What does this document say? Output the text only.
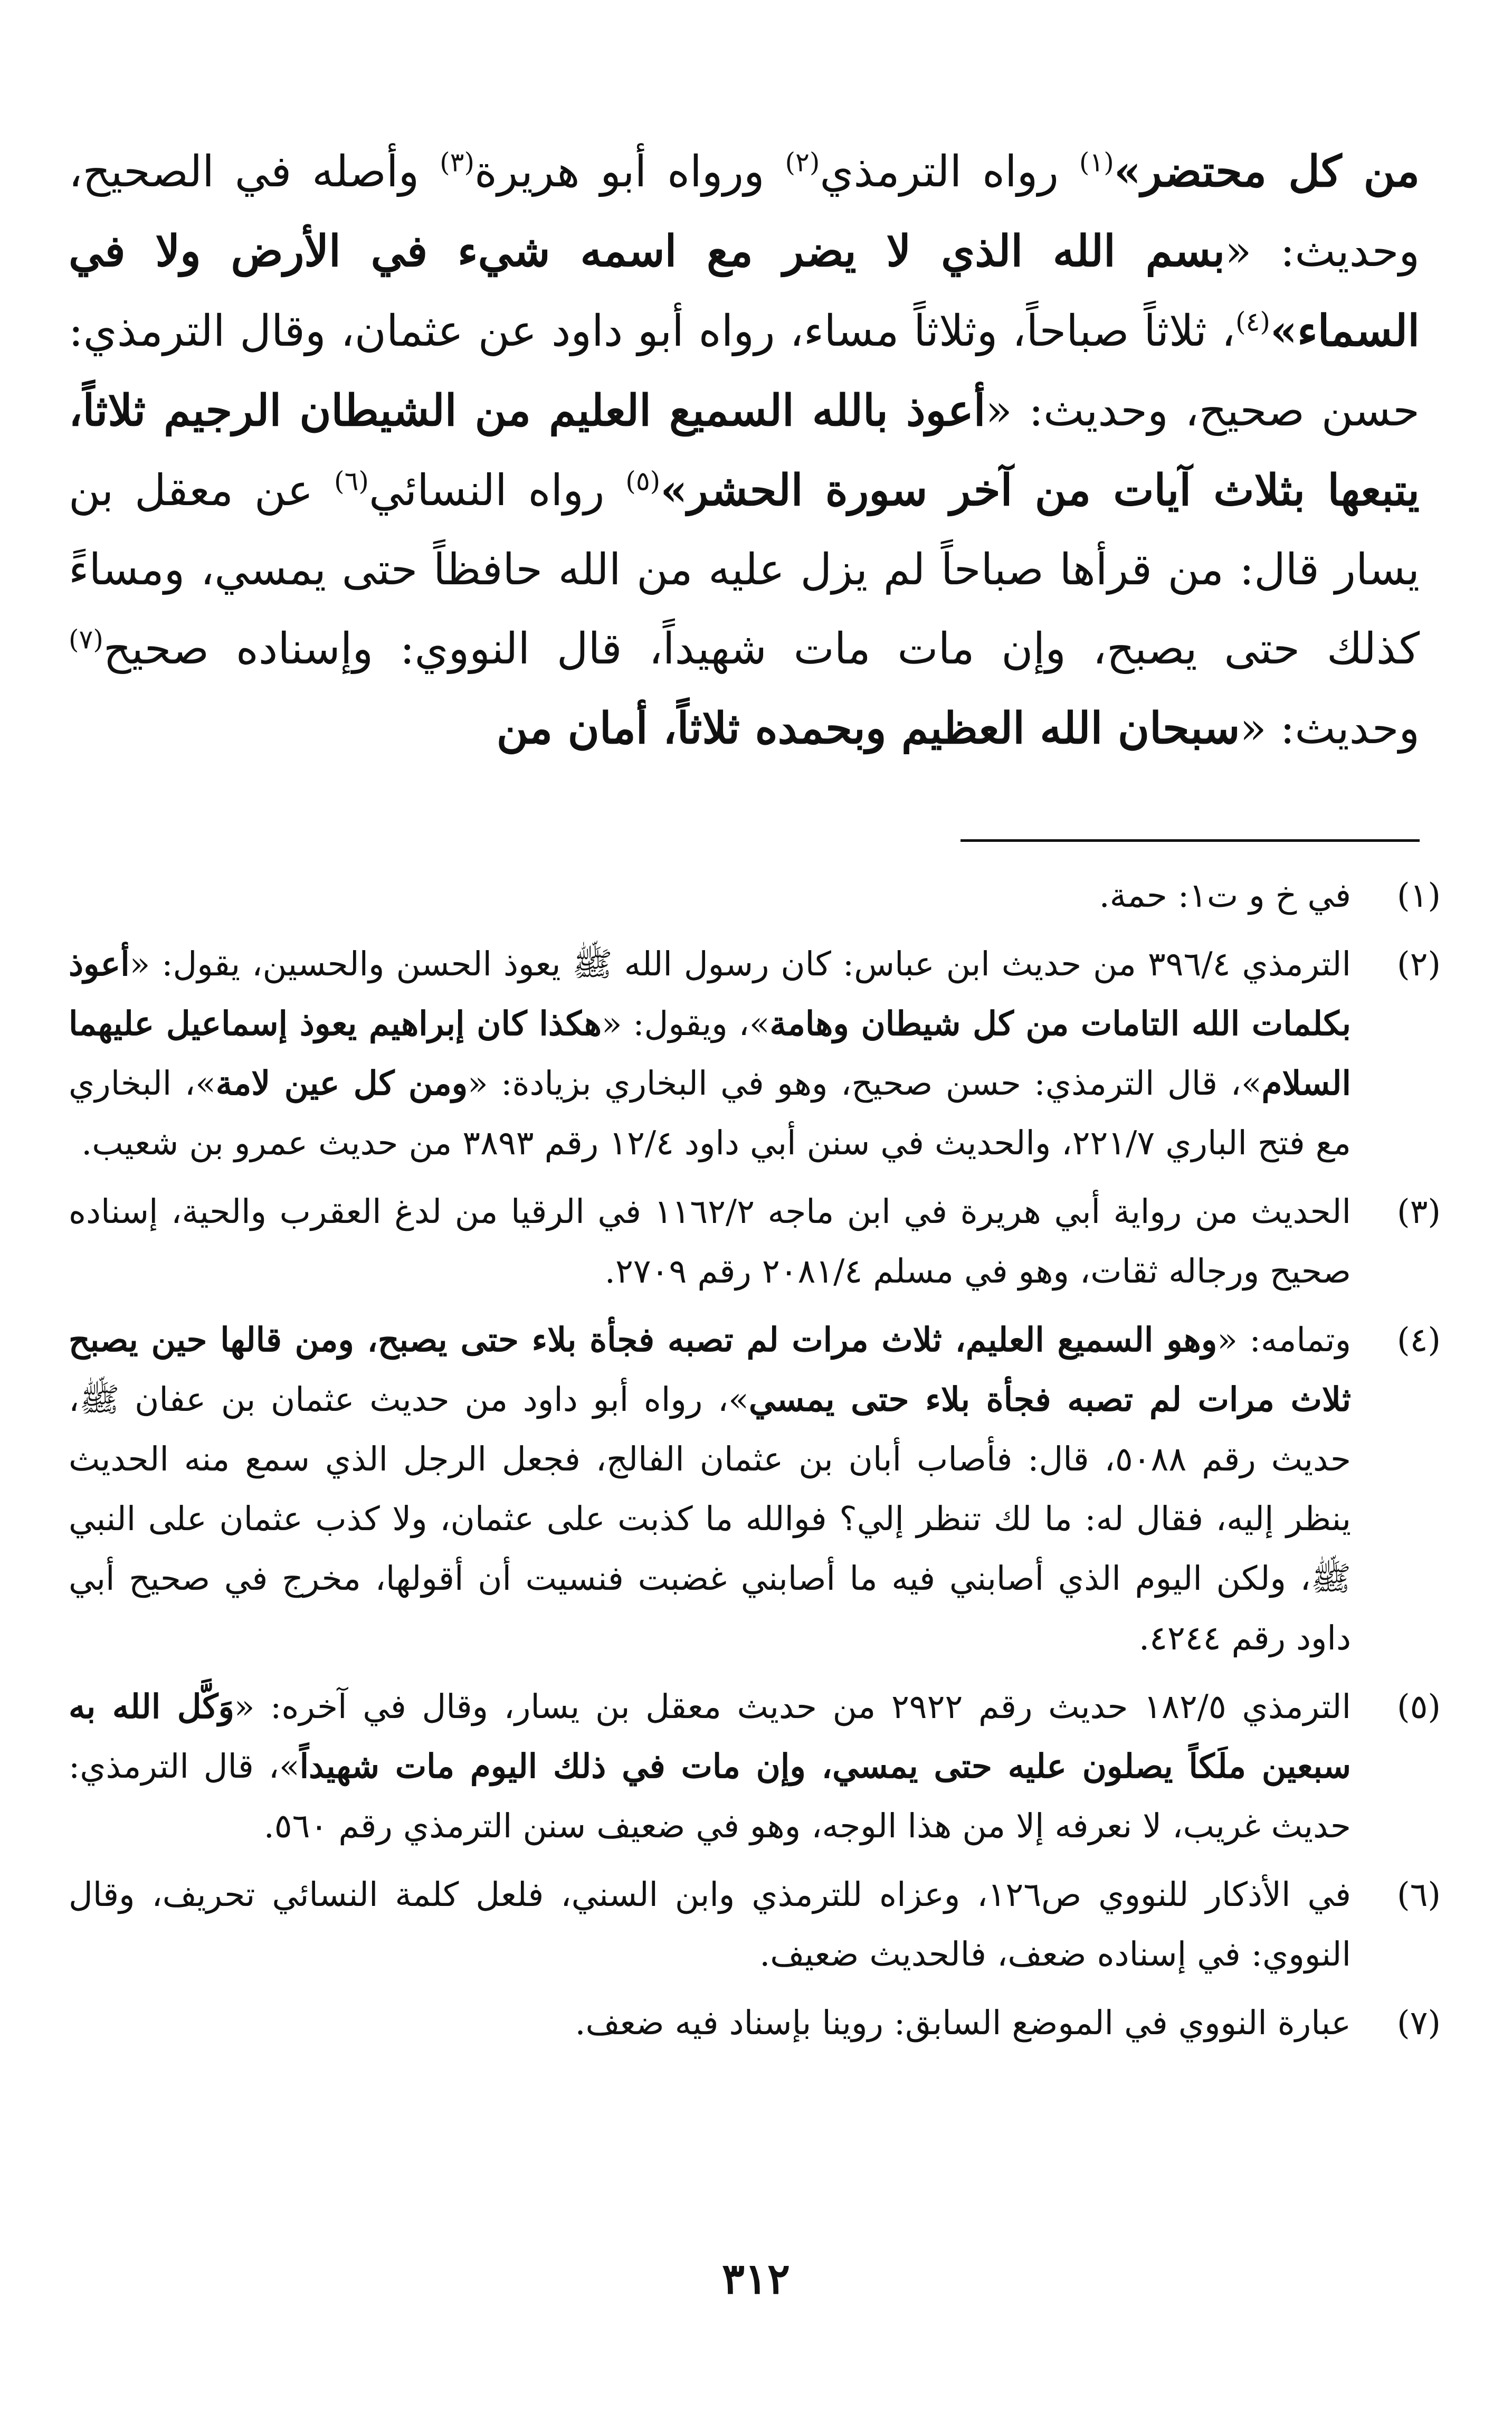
من كل محتضر»$^{(١)}$ رواه الترمذي$^{(٢)}$ ورواه أبو هريرة$^{(٣)}$ وأصله في الصحيح، وحديث: «بسم الله الذي لا يضر مع اسمه شيء في الأرض ولا في السماء»$^{(٤)}$، ثلاثاً صباحاً، وثلاثاً مساء، رواه أبو داود عن عثمان، وقال الترمذي: حسن صحيح، وحديث: «أعوذ بالله السميع العليم من الشيطان الرجيم ثلاثاً، يتبعها بثلاث آيات من آخر سورة الحشر»$^{(٥)}$ رواه النسائي$^{(٦)}$ عن معقل بن يسار قال: من قرأها صباحاً لم يزل عليه من الله حافظاً حتى يمسي، ومساءً كذلك حتى يصبح، وإن مات مات شهيداً، قال النووي: وإسناده صحيح$^{(٧)}$ وحديث: «سبحان الله العظيم وبحمده ثلاثاً، أمان من

(١)
في خ و ت١: حمة.
(٢)
الترمذي ٣٩٦/٤ من حديث ابن عباس: كان رسول الله ﷺ يعوذ الحسن والحسين، يقول: «أعوذ بكلمات الله التامات من كل شيطان وهامة»، ويقول: «هكذا كان إبراهيم يعوذ إسماعيل عليهما السلام»، قال الترمذي: حسن صحيح، وهو في البخاري بزيادة: «ومن كل عين لامة»، البخاري مع فتح الباري ٢٢١/٧، والحديث في سنن أبي داود ١٢/٤ رقم ٣٨٩٣ من حديث عمرو بن شعيب.
(٣)
الحديث من رواية أبي هريرة في ابن ماجه ١١٦٢/٢ في الرقيا من لدغ العقرب والحية، إسناده صحيح ورجاله ثقات، وهو في مسلم ٢٠٨١/٤ رقم ٢٧٠٩.
(٤)
وتمامه: «وهو السميع العليم، ثلاث مرات لم تصبه فجأة بلاء حتى يصبح، ومن قالها حين يصبح ثلاث مرات لم تصبه فجأة بلاء حتى يمسي»، رواه أبو داود من حديث عثمان بن عفان ﷺ، حديث رقم ٥٠٨٨، قال: فأصاب أبان بن عثمان الفالج، فجعل الرجل الذي سمع منه الحديث ينظر إليه، فقال له: ما لك تنظر إلي؟ فوالله ما كذبت على عثمان، ولا كذب عثمان على النبي ﷺ، ولكن اليوم الذي أصابني فيه ما أصابني غضبت فنسيت أن أقولها، مخرج في صحيح أبي داود رقم ٤٢٤٤.
(٥)
الترمذي ١٨٢/٥ حديث رقم ٢٩٢٢ من حديث معقل بن يسار، وقال في آخره: «وَكَّل الله به سبعين ملَكاً يصلون عليه حتى يمسي، وإن مات في ذلك اليوم مات شهيداً»، قال الترمذي: حديث غريب، لا نعرفه إلا من هذا الوجه، وهو في ضعيف سنن الترمذي رقم ٥٦٠.
(٦)
في الأذكار للنووي ص١٢٦، وعزاه للترمذي وابن السني، فلعل كلمة النسائي تحريف، وقال النووي: في إسناده ضعف، فالحديث ضعيف.
(٧)
عبارة النووي في الموضع السابق: روينا بإسناد فيه ضعف.
٣١٢
